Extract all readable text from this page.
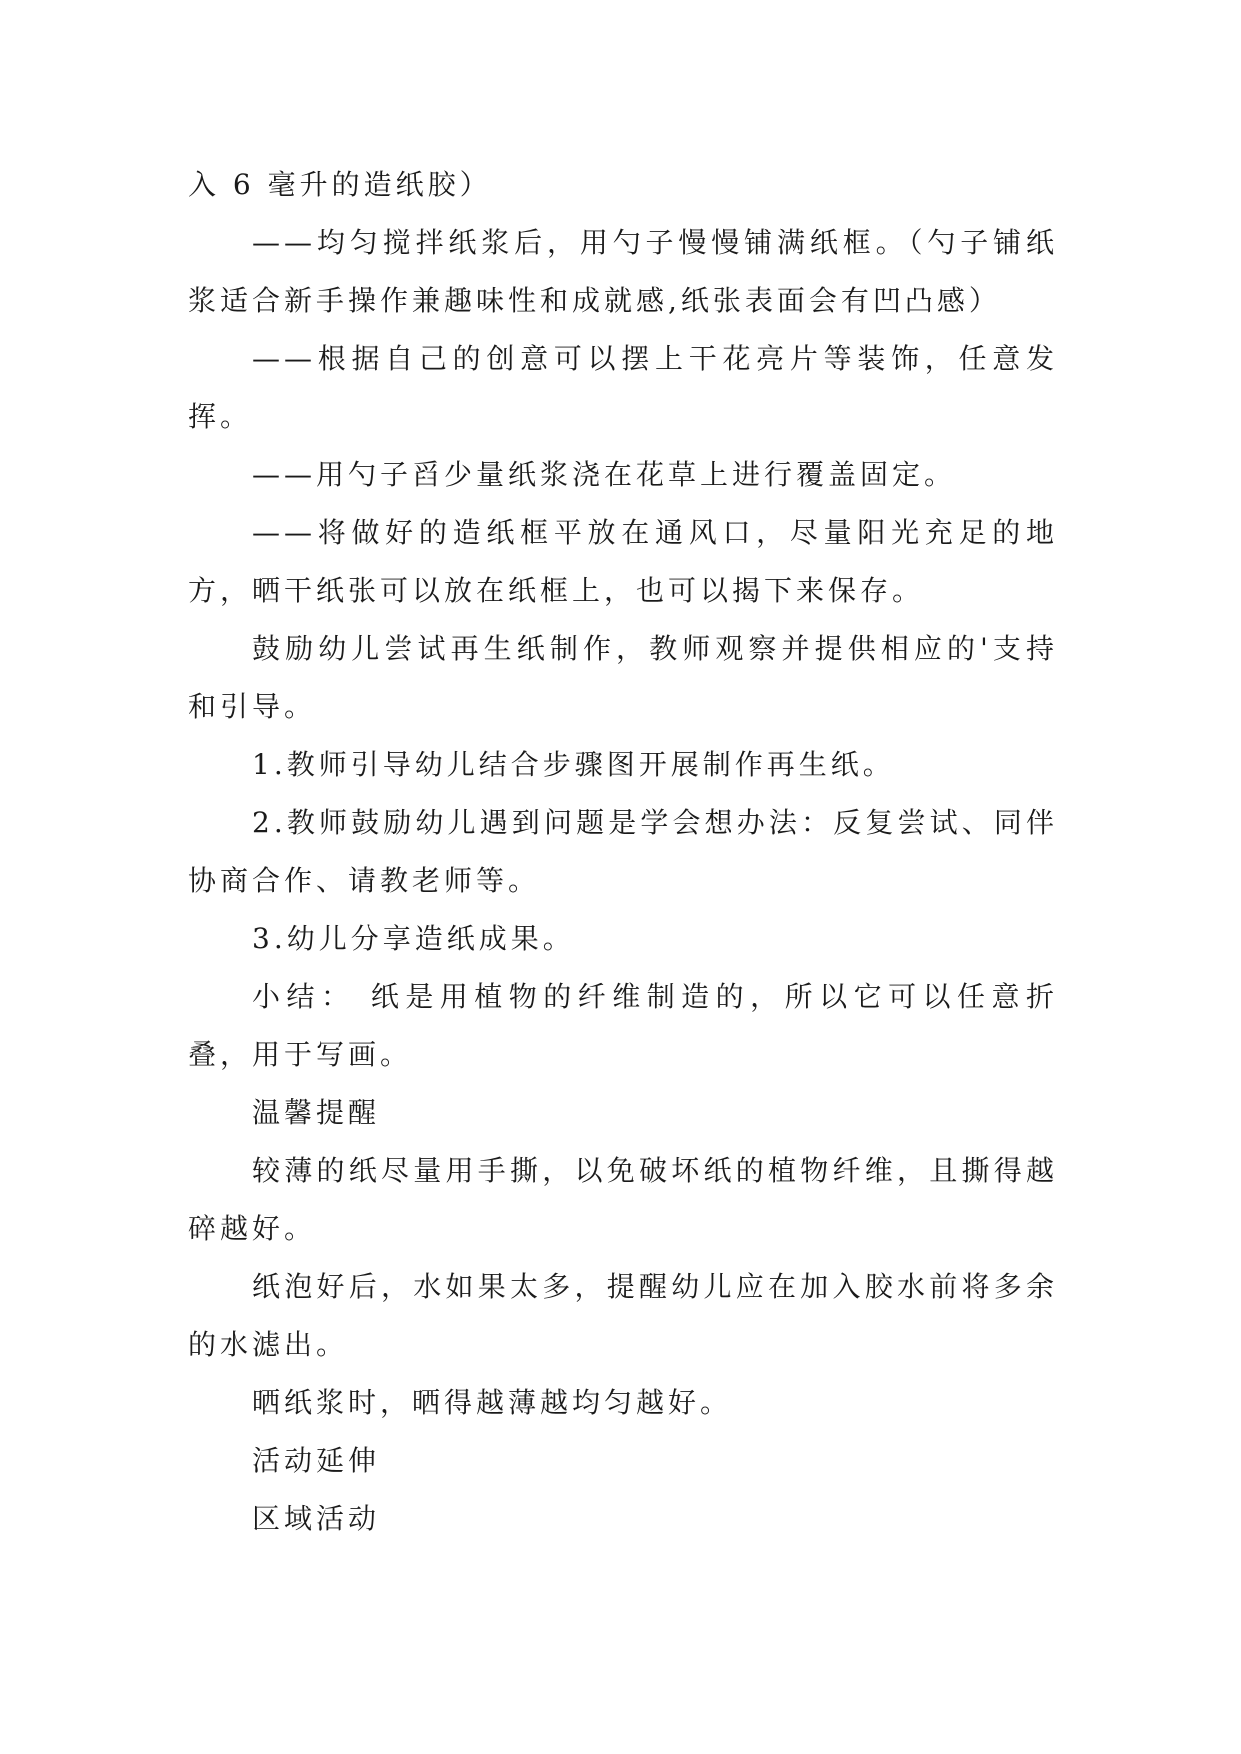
入 6 毫升的造纸胶）

——均匀搅拌纸浆后，用勺子慢慢铺满纸框。（勺子铺纸浆适合新手操作兼趣味性和成就感,纸张表面会有凹凸感）

——根据自己的创意可以摆上干花亮片等装饰，任意发挥。

——用勺子舀少量纸浆浇在花草上进行覆盖固定。

——将做好的造纸框平放在通风口，尽量阳光充足的地方，晒干纸张可以放在纸框上，也可以揭下来保存。

鼓励幼儿尝试再生纸制作，教师观察并提供相应的'支持和引导。

1.教师引导幼儿结合步骤图开展制作再生纸。

2.教师鼓励幼儿遇到问题是学会想办法：反复尝试、同伴协商合作、请教老师等。

3.幼儿分享造纸成果。

小结： 纸是用植物的纤维制造的，所以它可以任意折叠，用于写画。

温馨提醒

较薄的纸尽量用手撕，以免破坏纸的植物纤维，且撕得越碎越好。

纸泡好后，水如果太多，提醒幼儿应在加入胶水前将多余的水滤出。

晒纸浆时，晒得越薄越均匀越好。

活动延伸

区域活动
